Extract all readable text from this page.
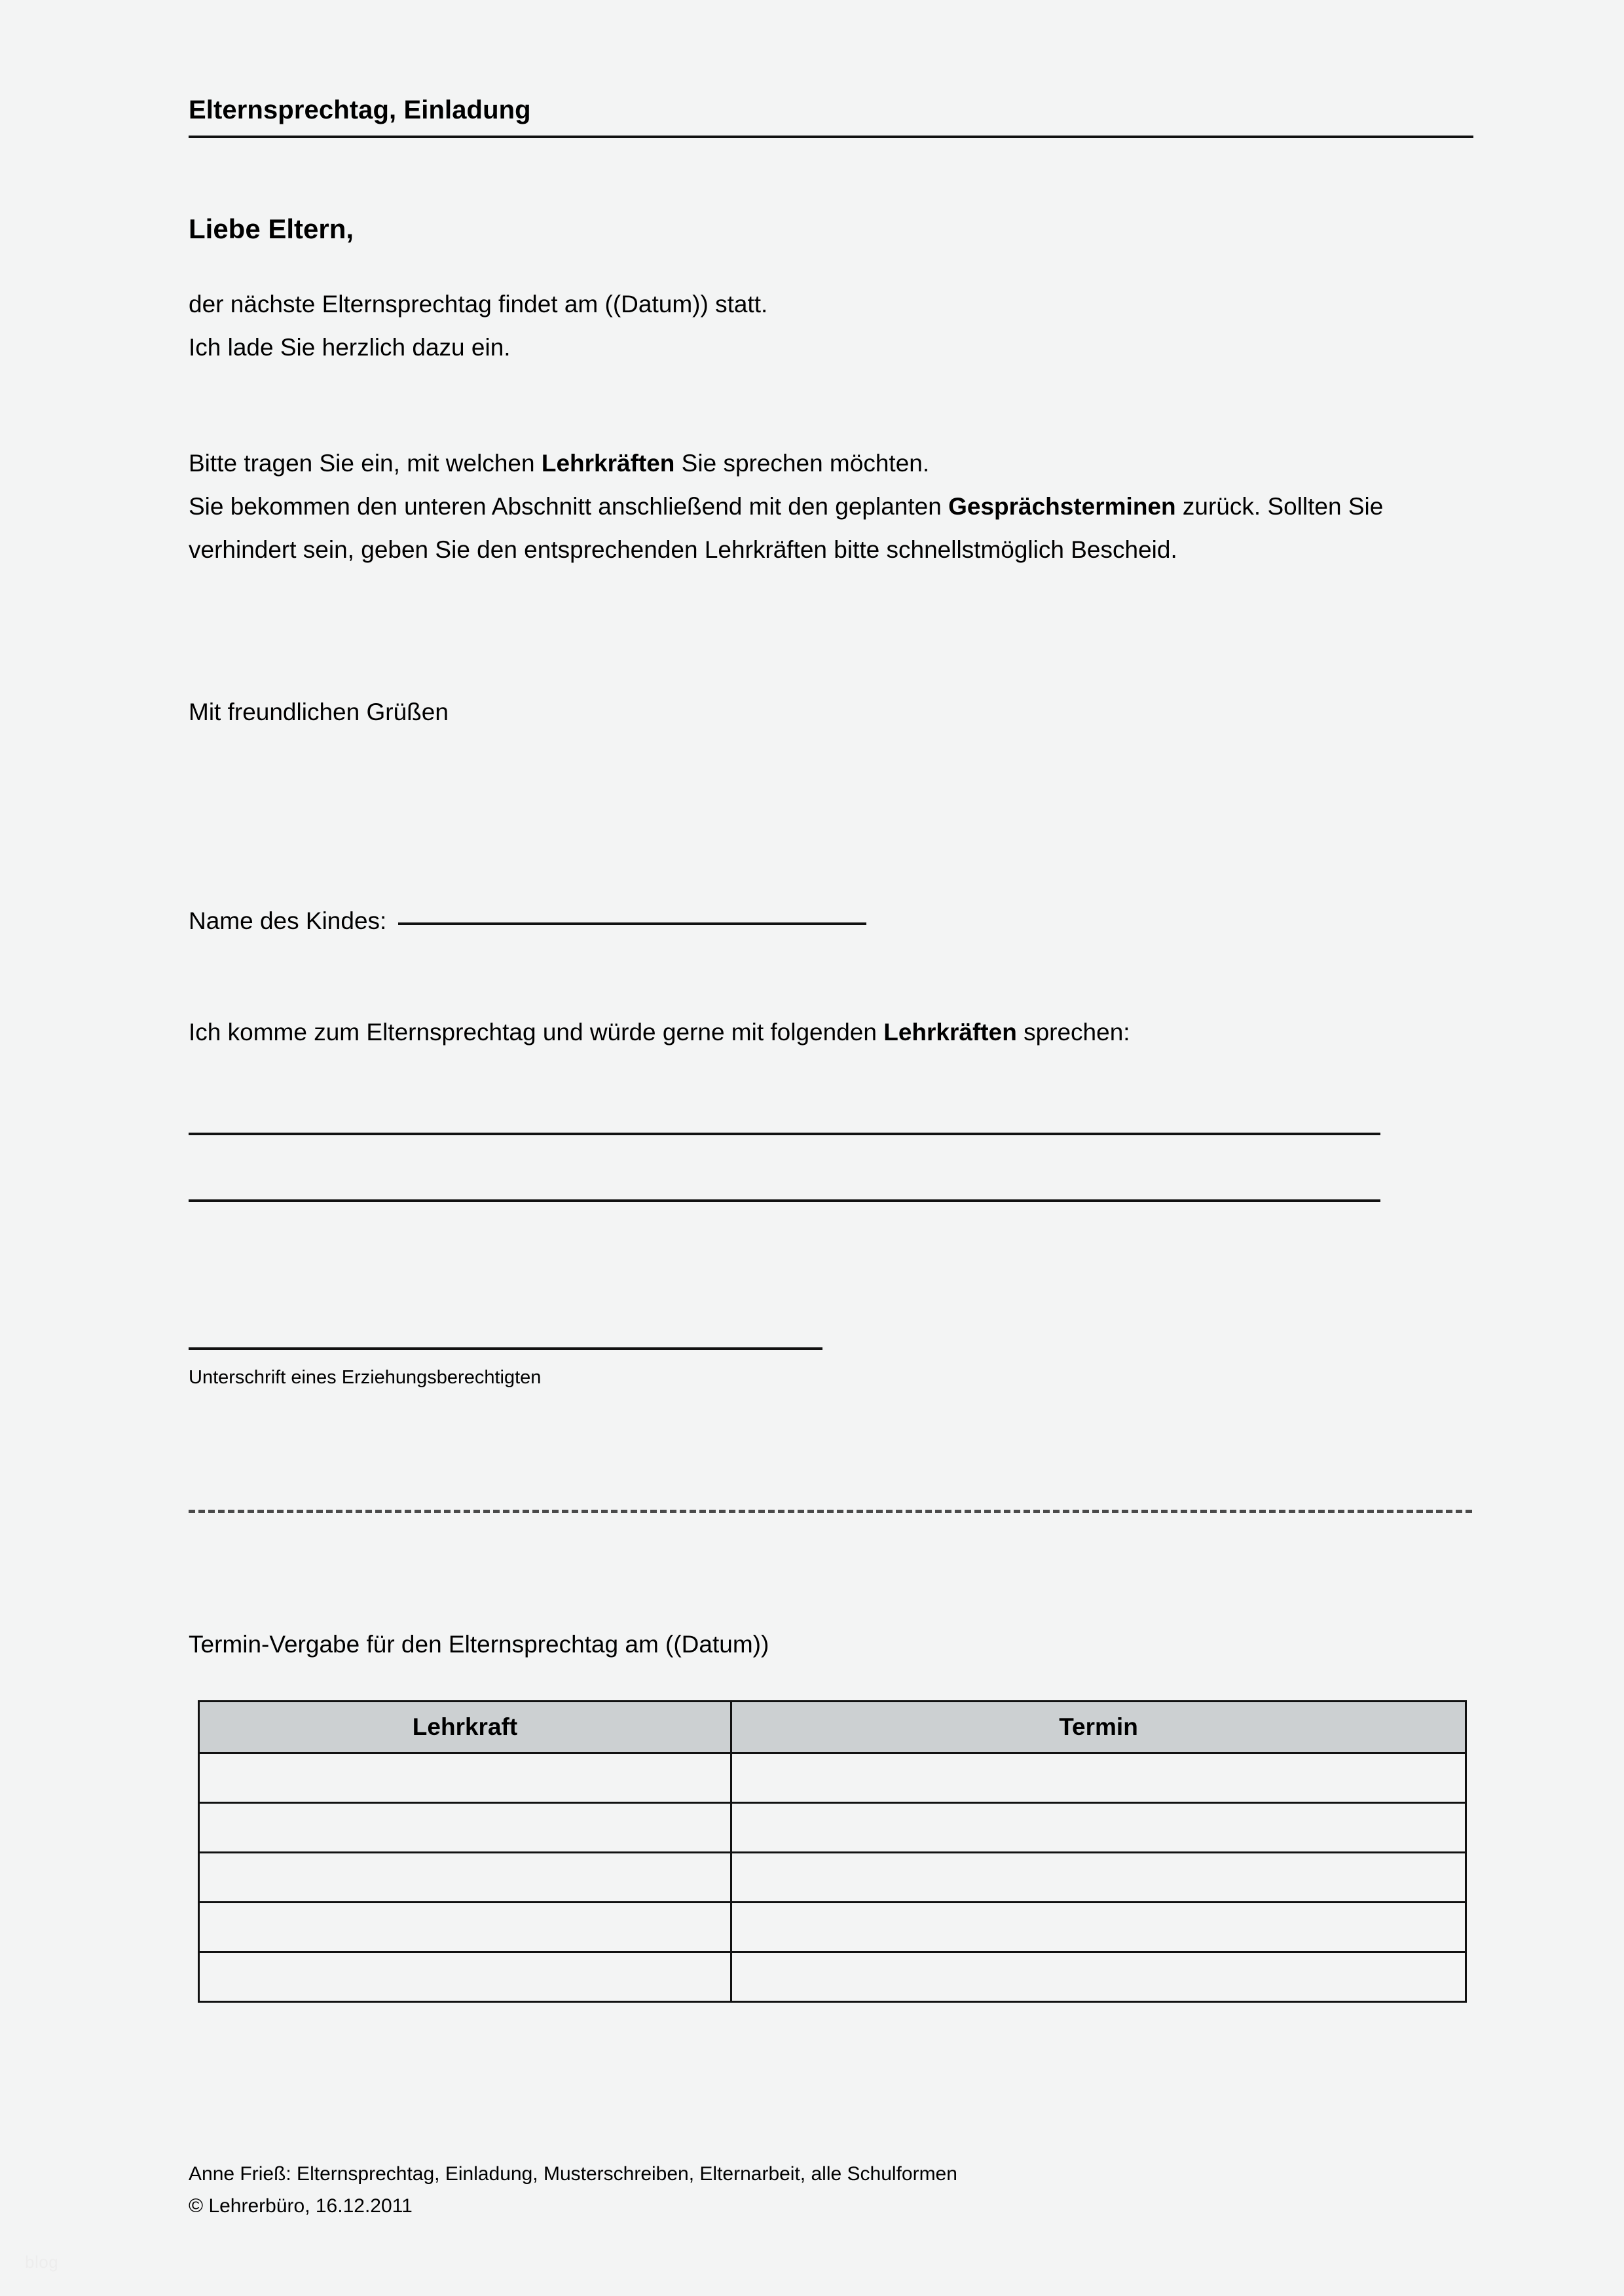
Elternsprechtag, Einladung
Liebe Eltern,
der nächste Elternsprechtag findet am ((Datum)) statt.
Ich lade Sie herzlich dazu ein.
Bitte tragen Sie ein, mit welchen Lehrkräften Sie sprechen möchten.
Sie bekommen den unteren Abschnitt anschließend mit den geplanten Gesprächsterminen zurück. Sollten Sie verhindert sein, geben Sie den entsprechenden Lehrkräften bitte schnellstmöglich Bescheid.
Mit freundlichen Grüßen
Name des Kindes:
Ich komme zum Elternsprechtag und würde gerne mit folgenden Lehrkräften sprechen:
Unterschrift eines Erziehungsberechtigten
Termin-Vergabe für den Elternsprechtag am ((Datum))
Lehrkraft	Termin

Anne Frieß: Elternsprechtag, Einladung, Musterschreiben, Elternarbeit, alle Schulformen
© Lehrerbüro, 16.12.2011
blog
